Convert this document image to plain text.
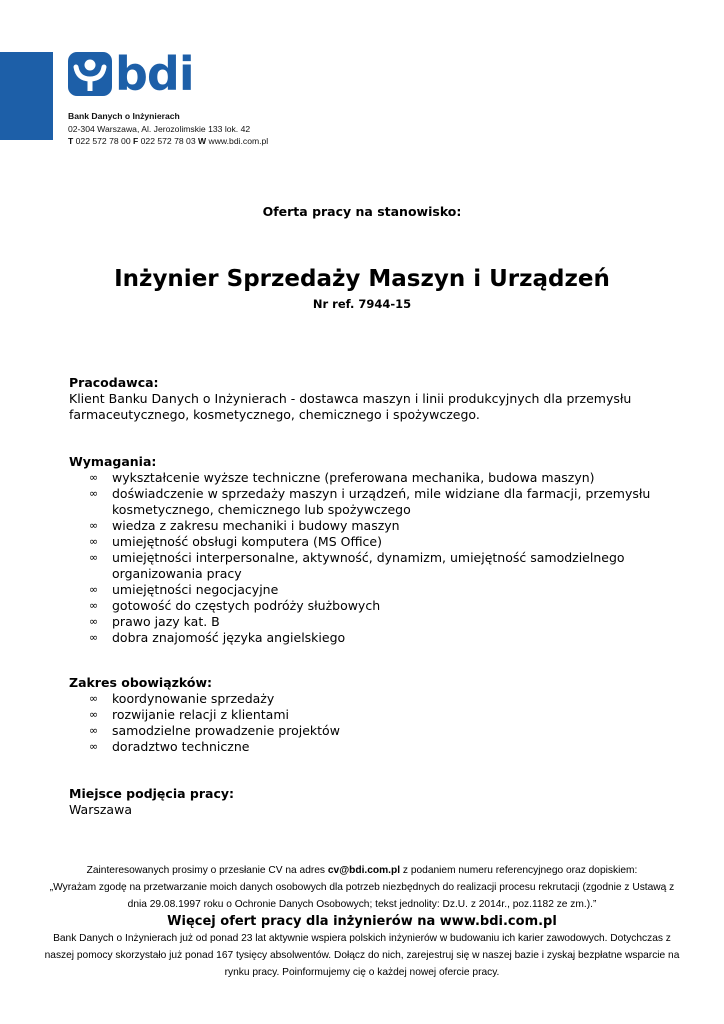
bdi
Bank Danych o Inżynierach
02-304 Warszawa, Al. Jerozolimskie 133 lok. 42
T 022 572 78 00 F 022 572 78 03 W www.bdi.com.pl
Oferta pracy na stanowisko:
Inżynier Sprzedaży Maszyn i Urządzeń
Nr ref. 7944-15
Pracodawca:

Klient Banku Danych o Inżynierach - dostawca maszyn i linii produkcyjnych dla przemysłu farmaceutycznego, kosmetycznego, chemicznego i spożywczego.

Wymagania:
∞ wykształcenie wyższe techniczne (preferowana mechanika, budowa maszyn)
∞ doświadczenie w sprzedaży maszyn i urządzeń, mile widziane dla farmacji, przemysłu kosmetycznego, chemicznego lub spożywczego
∞ wiedza z zakresu mechaniki i budowy maszyn
∞ umiejętność obsługi komputera (MS Office)
∞ umiejętności interpersonalne, aktywność, dynamizm, umiejętność samodzielnego organizowania pracy
∞ umiejętności negocjacyjne
∞ gotowość do częstych podróży służbowych
∞ prawo jazy kat. B
∞ dobra znajomość języka angielskiego
Zakres obowiązków:
∞ koordynowanie sprzedaży
∞ rozwijanie relacji z klientami
∞ samodzielne prowadzenie projektów
∞ doradztwo techniczne
Miejsce podjęcia pracy:

Warszawa

Zainteresowanych prosimy o przesłanie CV na adres cv@bdi.com.pl z podaniem numeru referencyjnego oraz dopiskiem:
„Wyrażam zgodę na przetwarzanie moich danych osobowych dla potrzeb niezbędnych do realizacji procesu rekrutacji (zgodnie z Ustawą z dnia 29.08.1997 roku o Ochronie Danych Osobowych; tekst jednolity: Dz.U. z 2014r., poz.1182 ze zm.).”
Więcej ofert pracy dla inżynierów na www.bdi.com.pl
Bank Danych o Inżynierach już od ponad 23 lat aktywnie wspiera polskich inżynierów w budowaniu ich karier zawodowych. Dotychczas z naszej pomocy skorzystało już ponad 167 tysięcy absolwentów. Dołącz do nich, zarejestruj się w naszej bazie i zyskaj bezpłatne wsparcie na rynku pracy. Poinformujemy cię o każdej nowej ofercie pracy.
